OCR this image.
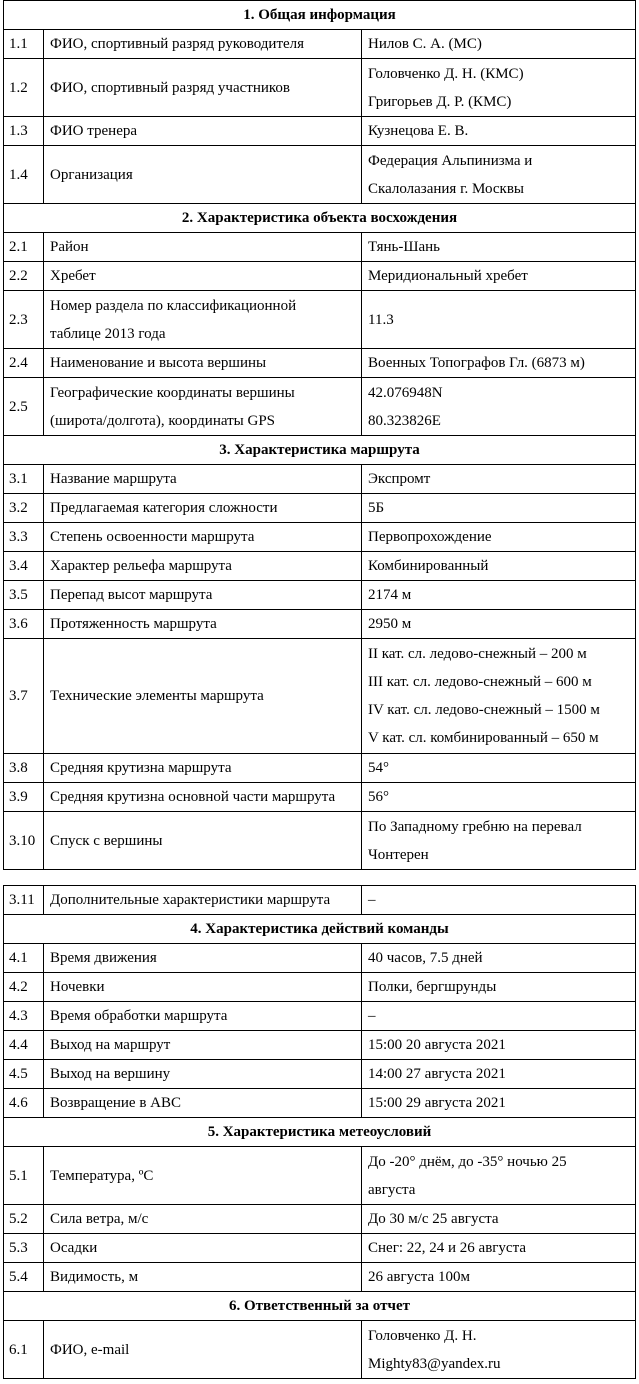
1. Общая информация		
1.1	ФИО, спортивный разряд руководителя	Нилов С. А. (МС)

1.2	ФИО, спортивный разряд участников	Головченко Д. Н. (КМС)
Григорьев Д. Р. (КМС)

1.3	ФИО тренера	Кузнецова Е. В.

1.4	Организация	Федерация Альпинизма и
Скалолазания г. Москвы

2. Характеристика объекта восхождения		
2.1	Район	Тянь-Шань

2.2	Хребет	Меридиональный хребет

2.3	Номер раздела по классификационной
таблице 2013 года	11.3

2.4	Наименование и высота вершины	Военных Топографов Гл. (6873 м)

2.5	Географические координаты вершины
(широта/долгота), координаты GPS	42.076948N
80.323826E

3. Характеристика маршрута		
3.1	Название маршрута	Экспромт

3.2	Предлагаемая категория сложности	5Б

3.3	Степень освоенности маршрута	Первопрохождение

3.4	Характер рельефа маршрута	Комбинированный

3.5	Перепад высот маршрута	2174 м

3.6	Протяженность маршрута	2950 м

3.7	Технические элементы маршрута	II кат. сл. ледово-снежный – 200 м
III кат. сл. ледово-снежный – 600 м
IV кат. сл. ледово-снежный – 1500 м
V кат. сл. комбинированный – 650 м

3.8	Средняя крутизна маршрута	54°

3.9	Средняя крутизна основной части маршрута	56°

3.10	Спуск с вершины	По Западному гребню на перевал
Чонтерен
3.11	Дополнительные характеристики маршрута	–

4. Характеристика действий команды		
4.1	Время движения	40 часов, 7.5 дней

4.2	Ночевки	Полки, бергшрунды

4.3	Время обработки маршрута	–

4.4	Выход на маршрут	15:00 20 августа 2021

4.5	Выход на вершину	14:00 27 августа 2021

4.6	Возвращение в АВС	15:00 29 августа 2021

5. Характеристика метеоусловий		
5.1	Температура, ºС	До -20° днём, до -35° ночью 25
августа

5.2	Сила ветра, м/с	До 30 м/с 25 августа

5.3	Осадки	Снег: 22, 24 и 26 августа

5.4	Видимость, м	26 августа 100м

6. Ответственный за отчет		
6.1	ФИО, e-mail	Головченко Д. Н.
Mighty83@yandex.ru
